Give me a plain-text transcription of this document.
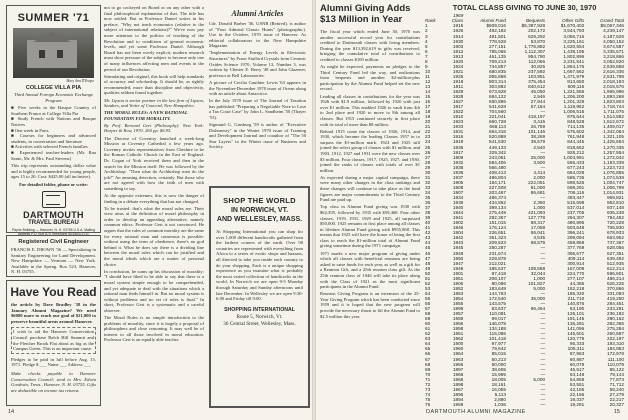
SUMMER '71
Mary Ann D'Esopo
COLLEGE VILLA PIA
Third Annual Foreign Economic Exchange Program
■ Five weeks in the Basque Country of Southern France at College Villa Pia
■ Study French with Nations and Basque Natives
■ One week in Paris
■ Courses for beginners and advanced students, in conversation and literature
■ Activities with selected French families
■ Experienced teacher-leaders (Mr. Rau Santo, Mr. & Mrs. Paul Stevens)
This trip represents outstanding dollar value and is highly recommended for young people, ages 15 to 20. Cost: $425.00 (all inclusive).
For detailed folder, phone or write:
DARTMOUTH
TRAVEL BUREAU
Payne Building — Hanover, N. H. 03755 U.S.A. Mailing address P.O. Box 870 Telephone 603/643-2711
Registered Civil Engineer
FRANCIS E. DROWN '36 — Specializing in Sanitary Engineering for Land Development. New Hampshire — Vermont — New York. Available in the Spring. Box 523, Hanover, N. H. 03755.
Have You Read
the article by Dave Bradley '38 in the January Alumni Magazine? We need $6000 more to reach our goal of $21,000 to preserve beautiful areas around Hanover.
I wish to aid the Hanover Conservation Council purchase Balch Hill Summit and the Fletcher Brook Flat about as big as the Campus Green. This is an important cause.
Pledges to be paid in full before Aug. 15, 1971. Pledge $ ___ Name ___ Address ___
Make checks payable to Hanover Conservation Council; send to Mrs. Edwin Goodwin, Treas., Hanover, N. H. 03755. Gifts are deductible on income tax returns.

not to go cockeyed on Board or on any other with a final philosophical explanation of that. The title has now settled. But as Professor Daniel writes in his preface, "Why not teach economics (relative to the subject of international relations)?" We've now pay more attention to the politics of teaching of the Revolution and to conditions of general economic levels, and yet some Professor Daniel. Although Board has not been overly explicit, modern research must show pressure of the subject to become only one of many influences affecting men and events in the period of our Revolution.

Stimulating and original, this book will help standards of accuracy and scholarship. It should be, as rightly recommended, more than discipline and objectivity, qualities seldom found together.

Mr. Lipson is senior partner in the law firm of Lipson, Sanders, and Vetter of Concord, New Hampshire.

THE MORAL RULES: A NEW RATIONAL FOUNDATION FOR MORALITY.

By Prof. Bernard Gert (Philosophy). New York: Harper & Row, 1970. 260 pp. $6.95.

The Diocese of Coventry launched a week-long Mission at Coventry Cathedral a few years ago. Coventry invites representatives from Cheshire to be the Roman Catholic Church in the East of England. Dr. Cogan of York received them and then in the search for the Mission itself. He was followed by the Archbishop: "Then what do Archbishop men do the job?" An amusing detection, certainly. But those who are not agreed with how the faith of men with something to say.

At the opposite extremes, this is now the danger of finding in a debate everything that has not changed.

To be trusted: that's what the moral rules are. Their view aims at the definition of moral philosophy in order to develop an appealing alternative, namely common ethics. Professor Gert is not convinced. He argues that the rules of common morality are the same for every rational man and consensus is possible: without using the term of obedience, there's no god behind it. What he does say there is a dividing line between the moral rules which can be justified and the moral ideals which are a matter of personal choice.

In conclusion, he sums up his discussion of morality: "I should have liked to be able to say that there is a moral system simple enough to be comprehended, and yet adequate to deal with the situations which a rational man finds himself in. But no moral system is without problems and no set of rules is final." In short, Professor Gert is a systematic and a careful observer.

The Moral Rules is no simple introduction to the problems of morality, since it is largely a proposal of philosophers and close reasoning. It may well be of interest to all those involved in moral education. Professor Gert is an equally able teacher.

Alumni Articles

Cdr. Donald Barber '36, USNR (Retired), is author of "Four Admiral Classic Hunts" (photographic). Use in the October, 1970 issue of Hanover. As editorial collaborators in the New Hampshire Magazine.

"Implementation of Energy Levels in Electronic Structures" by Franc Stafford Crystals from Ceramic Oxides Science 1970, Volume 13, Number 3, was written by Chester E. Berry '48 and John Glazener, professor at Bell Laboratories.

A picture of Cecilia Gauthier Lewis '63 appears in the November-December 1970 issue of Ocean along with an article about Antarctica.

In the July 1970 issue of The Journal of Taxation has published "Preparing a Negotiable Note to Lose a Tax Court Case" by John L. Sandheim '50 (Thayer '53).

Sigmund G. Ginsburg '59 is author of "Executive Dishonesty" in the Winter 1970 issue of Training and Development Journal and coauthor of "The 50 Star Layers" in the Winter issue of Business and Society.

SHOP THE WORLD
IN NORWICH, VT.
AND WELLESLEY, MASS.
At Shopping International you can shop for over 1,000 different handicrafts gathered from the farthest corners of the earth. Over 90 countries are represented with everything from Africa to a series of exotic shops and bazaars, all directed to take you inside each country to do your shopping. Each is a unique shopping experience as you examine what is probably the most varied collection of handicrafts in the world. In Norwich we are open 9-5 Monday through Saturday and Sunday afternoons until late December. In Wellesley we are open 9:30-6:00 and Friday till 9:00.
SHOPPING INTERNATIONAL
Route 5, Norwich, Vt.
36 Central Street, Wellesley, Mass.
14
Alumni Giving Adds $13 Million in Year

The fiscal year which ended June 30, 1970 was another successful record year for contributions credited to Dartmouth classes with living members. During the year $13,392,619 in gifts was received, bringing the cumulative total of contributions to credited to classes $100 million.

As might be expected, payments on pledges to the Third Century Fund led the way, and realizations from bequests and another $2-million-plus participation by the Alumni Fund helped set the new record.

Leading all classes in contributions for the year was 1926 with $1.9 million, followed by 1920 with just over $1 million. This enabled 1926 to vault from 4th to 2nd place and 1920 to move to 8th among all classes. But 1915 continued securely in first place with its total of more than $8 million.

Behind 1915 come the classes of 1926, 1914, and 1930, which became the leading Classes 1957 in to surpass the $1-million mark. 1924 and 1925 still joined the select group of classes with $1 million, and 1903, 1912, 1927 and 1931 were the new classes over $3 million. Four classes, 1917, 1925, 1927, and 1930, joined the ranks of classes with totals of over $1 million.

As expected during a major capital campaign, there were many other changes in the class rankings and these changes will continue to take place as the fund figures are major commitments to the Third Century Fund are paid up.

Top class in Alumni Fund giving was 1930 with $62,395, followed by 1935 with $59,468. Four other classes, 1919, 1931, 1929 and 1925, all surpassed $50,000. 1925 remains in first place among all classes in lifetime Alumni Fund giving with $955,868. This means that 1925 will have the honor of being the first class to reach the $1-million total of Alumni Fund giving sometime during the 1971 campaign.

1971 marks a new major program of giving under which all classes with beneficial reunions are being asked to raise funds for each year, as well as a gift for a Reunion Gift, and a 25th reunion class gift. As the 25th reunion class of 1946 will take its place along with the Class of 1921 as the most significant participants in the Alumni Fund.

Reunion Giving Program is an extension of the 25-Year Giving Program which has been conducted since 1959 and it is hoped that the new program will provide the necessary thrust to lift the Alumni Fund to $2.5 million this year.

TOTAL CLASS GIVING TO JUNE 30, 1970
	1969				
Rank	Class	Alumni Fund	Bequests	Other Gifts	Grand Total
1	1915	$609,016	$5,387,928	$1,670,402	$8,067,346
2	1926	492,182	202,172	3,544,793	4,239,147
3	1914	491,501	629,292	3,066,716	4,187,529
4	1930	778,528	53,870	3,225,161	4,050,152
5	1903	277,151	1,776,882	1,620,554	3,674,587
6	1912	785,065	1,112,307	1,438,195	3,335,571
7	1913	461,135	954,790	1,802,896	3,218,866
8	1920	709,213	112,066	2,231,541	3,052,820
9	1924	744,857	30,825	1,864,176	2,639,858
10	1921	680,835	237,592	1,667,562	2,616,336
11	1925	955,868	103,951	1,471,979	2,531,798
12	1918	803,314	375,454	813,650	2,018,193
13	1911	303,882	840,612	609,116	2,015,576
14	1929	673,928	45,050	1,221,566	1,965,996
15	1928	684,122	2,946	1,206,200	1,893,268
16	1927	650,886	27,944	1,201,329	1,823,803
17	1917	541,628	57,154	1,119,962	1,718,744
18	1922	704,560	—	1,006,515	1,711,075
19	1910	221,041	418,197	875,644	1,514,882
20	1923	660,728	3,416	848,528	1,512,672
21	1933	668,113	26,769	714,135	1,409,017
22	1931	664,316	101,146	576,602	1,342,064
23	1916	520,888	38,269	761,948	1,321,105
24	1919	541,530	39,579	844,445	1,425,554
25	1935	449,133	2,540	818,662	1,270,335
26	1917	329,342	—	928,212	1,257,554
27	1909	243,051	25,000	1,003,991	1,272,042
28	1932	584,406	3,500	565,433	1,153,339
29	1938	566,480	—	677,243	1,223,723
30	1936	408,413	4,414	664,028	1,076,855
31	1937	486,804	2,000	585,735	1,074,539
32	1905	184,171	222,051	598,525	1,004,747
33	1908	227,508	81,000	698,291	1,006,799
34	1907	203,467	86,681	706,116	1,014,931
35	1934	486,374	—	483,447	969,821
36	1939	434,862	2,350	515,598	952,810
37	1940	399,134	1,000	537,014	937,148
38	1944	275,449	421,093	237,706	935,248
39	1941	282,367	127,778	294,307	794,452
40	1902	151,015	88,317	480,896	720,228
41	1946	176,124	17,058	503,648	706,830
42	1904	226,651	56,041	396,241	678,933
43	1942	361,323	3,535	299,094	663,952
44	1943	209,523	68,579	459,868	737,367
45	1945	250,287	—	377,769	628,056
46	1948	231,674	—	395,677	627,351
47	1950	229,878	—	409,114	639,492
48	1947	212,021	—	300,914	512,935
49	1949	185,637	108,568	167,009	612,214
50	1901	87,418	32,044	224,770	596,601
51	1951	208,107	1,000	277,107	486,214
52	1906	80,086	101,827	44,385	526,225
53	1952	183,648	5,000	182,218	370,866
54	1953	144,763	—	186,320	331,083
55	1954	172,540	35,000	211,710	419,250
56	1955	143,575	—	140,876	284,451
57	1899	83,637	96,464	53,190	233,291
58	1957	110,081	—	126,101	236,182
59	1959	99,017	—	191,145	290,162
60	1956	146,075	—	136,291	282,366
61	1958	134,188	—	141,096	275,284
62	1961	115,086	—	145,501	260,587
63	1962	101,418	—	120,779	222,197
64	1900	97,977	—	95,333	193,310
65	1960	79,642	—	105,311	184,953
66	1964	85,015	—	87,963	172,978
67	1963	50,213	—	60,887	111,100
68	1966	50,000	—	60,079	110,079
69	1897	38,605	—	46,517	85,122
70	1968	15,995	—	63,148	79,143
71	1965	18,005	5,000	54,868	77,873
72	1898	18,161	—	53,551	71,712
73	1967	16,055	—	42,185	58,240
74	1896	5,113	—	22,166	27,279
75	1894	2,880	—	19,337	22,217
76	1969	1,036	—	19,291	20,327
DARTMOUTH ALUMNI MAGAZINE	15
